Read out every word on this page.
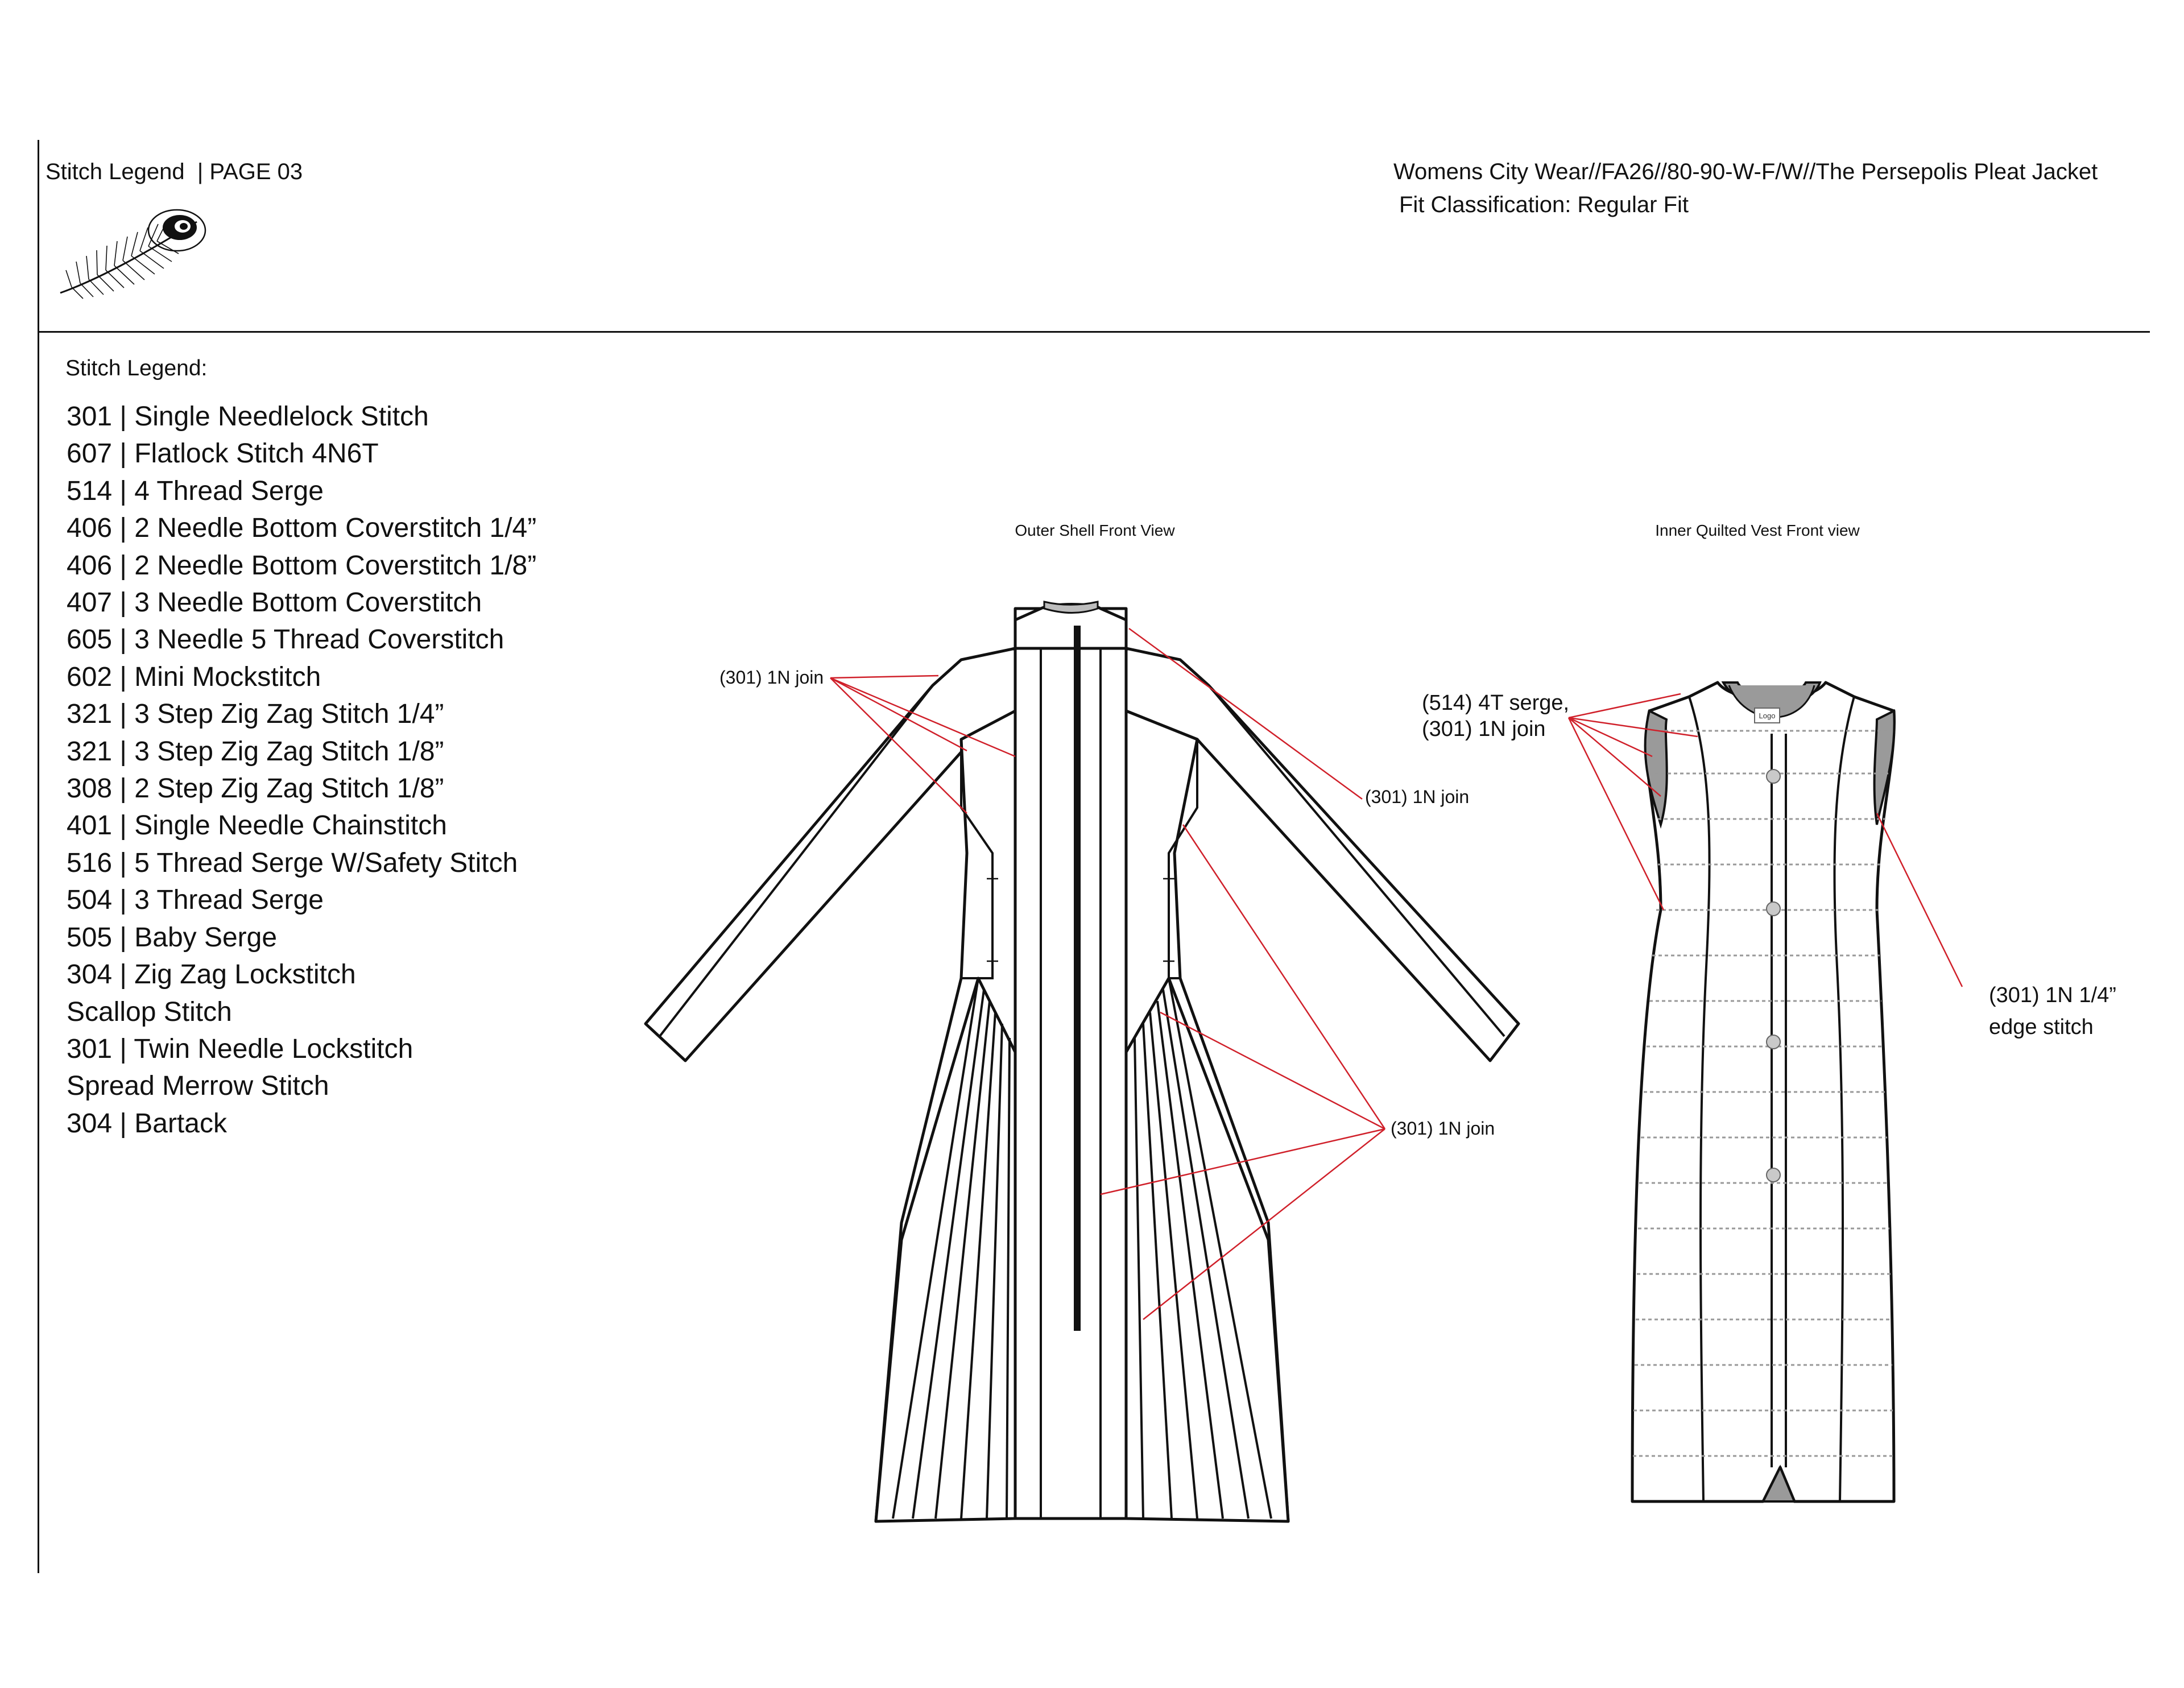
Stitch Legend  | PAGE 03	Womens City Wear//FA26//80-90-W-F/W//The Persepolis Pleat Jacket
Fit Classification: Regular Fit
Stitch Legend:
301 | Single Needlelock Stitch
607 | Flatlock Stitch 4N6T
514 | 4 Thread Serge
406 | 2 Needle Bottom Coverstitch 1/4”
406 | 2 Needle Bottom Coverstitch 1/8”
407 | 3 Needle Bottom Coverstitch
605 | 3 Needle 5 Thread Coverstitch
602 | Mini Mockstitch
321 | 3 Step Zig Zag Stitch 1/4”
321 | 3 Step Zig Zag Stitch 1/8”
308 | 2 Step Zig Zag Stitch 1/8”
401 | Single Needle Chainstitch
516 | 5 Thread Serge W/Safety Stitch
504 | 3 Thread Serge
505 | Baby Serge
304 | Zig Zag Lockstitch
Scallop Stitch
301 | Twin Needle Lockstitch
Spread Merrow Stitch
304 | Bartack
Outer Shell Front View	Inner Quilted Vest Front view
(301) 1N join
(301) 1N join
(301) 1N join
Logo
(514) 4T serge,
(301) 1N join
(301) 1N 1/4”
edge stitch
